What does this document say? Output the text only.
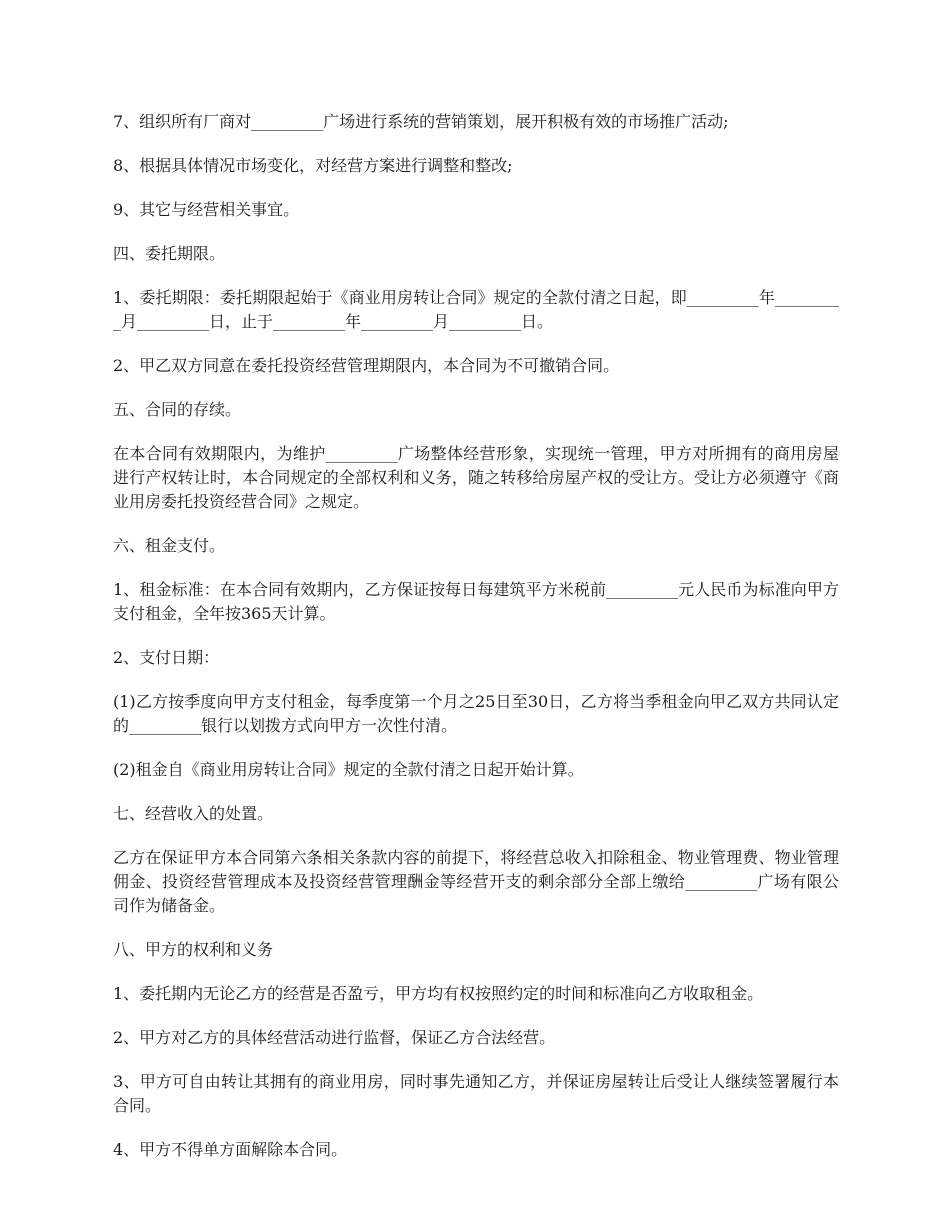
7、组织所有厂商对_________广场进行系统的营销策划，展开积极有效的市场推广活动;

8、根据具体情况市场变化，对经营方案进行调整和整改;

9、其它与经营相关事宜。

四、委托期限。

1、委托期限：委托期限起始于《商业用房转让合同》规定的全款付清之日起，即_________年_________月_________日，止于_________年_________月_________日。

2、甲乙双方同意在委托投资经营管理期限内，本合同为不可撤销合同。

五、合同的存续。

在本合同有效期限内，为维护_________广场整体经营形象，实现统一管理，甲方对所拥有的商用房屋进行产权转让时，本合同规定的全部权利和义务，随之转移给房屋产权的受让方。受让方必须遵守《商业用房委托投资经营合同》之规定。

六、租金支付。

1、租金标准：在本合同有效期内，乙方保证按每日每建筑平方米税前_________元人民币为标准向甲方支付租金，全年按365天计算。

2、支付日期：

(1)乙方按季度向甲方支付租金，每季度第一个月之25日至30日，乙方将当季租金向甲乙双方共同认定的_________银行以划拨方式向甲方一次性付清。

(2)租金自《商业用房转让合同》规定的全款付清之日起开始计算。

七、经营收入的处置。

乙方在保证甲方本合同第六条相关条款内容的前提下，将经营总收入扣除租金、物业管理费、物业管理佣金、投资经营管理成本及投资经营管理酬金等经营开支的剩余部分全部上缴给_________广场有限公司作为储备金。

八、甲方的权利和义务

1、委托期内无论乙方的经营是否盈亏，甲方均有权按照约定的时间和标准向乙方收取租金。

2、甲方对乙方的具体经营活动进行监督，保证乙方合法经营。

3、甲方可自由转让其拥有的商业用房，同时事先通知乙方，并保证房屋转让后受让人继续签署履行本合同。

4、甲方不得单方面解除本合同。
